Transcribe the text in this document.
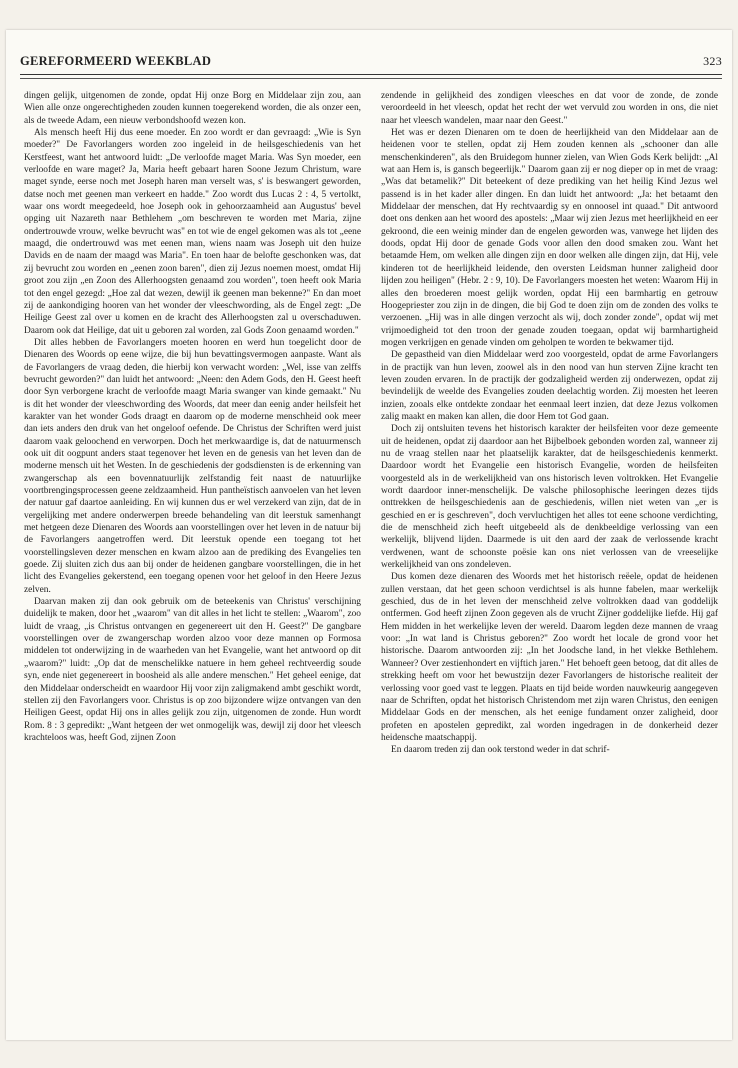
GEREFORMEERD WEEKBLAD	323

dingen gelijk, uitgenomen de zonde, opdat Hij onze Borg en Middelaar zijn zou, aan Wien alle onze ongerechtigheden zouden kunnen toegerekend worden, die als onzer een, als de tweede Adam, een nieuw verbondshoofd wezen kon.

Als mensch heeft Hij dus eene moeder. En zoo wordt er dan gevraagd: „Wie is Syn moeder?" De Favorlangers worden zoo ingeleid in de heilsgeschiedenis van het Kerstfeest, want het antwoord luidt: „De verloofde maget Maria. Was Syn moeder, een verloofde en ware maget? Ja, Maria heeft gebaart haren Soone Jezum Christum, ware maget synde, eerse noch met Joseph haren man verselt was, s' is beswangert geworden, datse noch met geenen man verkeert en hadde." Zoo wordt dus Lucas 2 : 4, 5 vertolkt, waar ons wordt meegedeeld, hoe Joseph ook in gehoorzaamheid aan Augustus' bevel opging uit Nazareth naar Bethlehem „om beschreven te worden met Maria, zijne ondertrouwde vrouw, welke bevrucht was" en tot wie de engel gekomen was als tot „eene maagd, die ondertrouwd was met eenen man, wiens naam was Joseph uit den huize Davids en de naam der maagd was Maria". En toen haar de belofte geschonken was, dat zij bevrucht zou worden en „eenen zoon baren", dien zij Jezus noemen moest, omdat Hij groot zou zijn „en Zoon des Allerhoogsten genaamd zou worden", toen heeft ook Maria tot den engel gezegd: „Hoe zal dat wezen, dewijl ik geenen man bekenne?" En dan moet zij de aankondiging hooren van het wonder der vleeschwording, als de Engel zegt: „De Heilige Geest zal over u komen en de kracht des Allerhoogsten zal u overschaduwen. Daarom ook dat Heilige, dat uit u geboren zal worden, zal Gods Zoon genaamd worden."

Dit alles hebben de Favorlangers moeten hooren en werd hun toegelicht door de Dienaren des Woords op eene wijze, die bij hun bevattingsvermogen aanpaste. Want als de Favorlangers de vraag deden, die hierbij kon verwacht worden: „Wel, isse van zelffs bevrucht geworden?" dan luidt het antwoord: „Neen: den Adem Gods, den H. Geest heeft door Syn verborgene kracht de verloofde maagt Maria swanger van kinde gemaakt." Nu is dit het wonder der vleeschwording des Woords, dat meer dan eenig ander heilsfeit het karakter van het wonder Gods draagt en daarom op de moderne menschheid ook meer dan iets anders den druk van het ongeloof oefende. De Christus der Schriften werd juist daarom vaak geloochend en verworpen. Doch het merkwaardige is, dat de natuurmensch ook uit dit oogpunt anders staat tegenover het leven en de genesis van het leven dan de moderne mensch uit het Westen. In de geschiedenis der godsdiensten is de erkenning van zwangerschap als een bovennatuurlijk zelfstandig feit naast de natuurlijke voortbrengingsprocessen geene zeldzaamheid. Hun pantheïstisch aanvoelen van het leven der natuur gaf daartoe aanleiding. En wij kunnen dus er wel verzekerd van zijn, dat de in vergelijking met andere onderwerpen breede behandeling van dit leerstuk samenhangt met hetgeen deze Dienaren des Woords aan voorstellingen over het leven in de natuur bij de Favorlangers aangetroffen werd. Dit leerstuk opende een toegang tot het voorstellingsleven dezer menschen en kwam alzoo aan de prediking des Evangelies ten goede. Zij sluiten zich dus aan bij onder de heidenen gangbare voorstellingen, die in het licht des Evangelies gekerstend, een toegang openen voor het geloof in den Heere Jezus zelven.

Daarvan maken zij dan ook gebruik om de beteekenis van Christus' verschijning duidelijk te maken, door het „waarom" van dit alles in het licht te stellen: „Waarom", zoo luidt de vraag, „is Christus ontvangen en gegenereert uit den H. Geest?" De gangbare voorstellingen over de zwangerschap worden alzoo voor deze mannen op Formosa middelen tot onderwijzing in de waarheden van het Evangelie, want het antwoord op dit „waarom?" luidt: „Op dat de menschelikke natuere in hem geheel rechtveerdig soude syn, ende niet gegenereert in boosheid als alle andere menschen." Het geheel eenige, dat den Middelaar onderscheidt en waardoor Hij voor zijn zaligmakend ambt geschikt wordt, stellen zij den Favorlangers voor. Christus is op zoo bijzondere wijze ontvangen van den Heiligen Geest, opdat Hij ons in alles gelijk zou zijn, uitgenomen de zonde. Hun wordt Rom. 8 : 3 gepredikt: „Want hetgeen der wet onmogelijk was, dewijl zij door het vleesch krachteloos was, heeft God, zijnen Zoon

zendende in gelijkheid des zondigen vleesches en dat voor de zonde, de zonde veroordeeld in het vleesch, opdat het recht der wet vervuld zou worden in ons, die niet naar het vleesch wandelen, maar naar den Geest."

Het was er dezen Dienaren om te doen de heerlijkheid van den Middelaar aan de heidenen voor te stellen, opdat zij Hem zouden kennen als „schooner dan alle menschenkinderen", als den Bruidegom hunner zielen, van Wien Gods Kerk belijdt: „Al wat aan Hem is, is gansch begeerlijk." Daarom gaan zij er nog dieper op in met de vraag: „Was dat betamelik?" Dit beteekent of deze prediking van het heilig Kind Jezus wel passend is in het kader aller dingen. En dan luidt het antwoord: „Ja: het betaamt den Middelaar der menschen, dat Hy rechtvaardig sy en onnoosel int quaad." Dit antwoord doet ons denken aan het woord des apostels: „Maar wij zien Jezus met heerlijkheid en eer gekroond, die een weinig minder dan de engelen geworden was, vanwege het lijden des doods, opdat Hij door de genade Gods voor allen den dood smaken zou. Want het betaamde Hem, om welken alle dingen zijn en door welken alle dingen zijn, dat Hij, vele kinderen tot de heerlijkheid leidende, den oversten Leidsman hunner zaligheid door lijden zou heiligen" (Hebr. 2 : 9, 10). De Favorlangers moesten het weten: Waarom Hij in alles den broederen moest gelijk worden, opdat Hij een barmhartig en getrouw Hoogepriester zou zijn in de dingen, die bij God te doen zijn om de zonden des volks te verzoenen. „Hij was in alle dingen verzocht als wij, doch zonder zonde", opdat wij met vrijmoedigheid tot den troon der genade zouden toegaan, opdat wij barmhartigheid mogen verkrijgen en genade vinden om geholpen te worden te bekwamer tijd.

De gepastheid van dien Middelaar werd zoo voorgesteld, opdat de arme Favorlangers in de practijk van hun leven, zoowel als in den nood van hun sterven Zijne kracht ten leven zouden ervaren. In de practijk der godzaligheid werden zij onderwezen, opdat zij bevindelijk de weelde des Evangelies zouden deelachtig worden. Zij moesten het leeren inzien, zooals elke ontdekte zondaar het eenmaal leert inzien, dat deze Jezus volkomen zalig maakt en maken kan allen, die door Hem tot God gaan.

Doch zij ontsluiten tevens het historisch karakter der heilsfeiten voor deze gemeente uit de heidenen, opdat zij daardoor aan het Bijbelboek gebonden worden zal, wanneer zij nu de vraag stellen naar het plaatselijk karakter, dat de heilsgeschiedenis kenmerkt. Daardoor wordt het Evangelie een historisch Evangelie, worden de heilsfeiten voorgesteld als in de werkelijkheid van ons historisch leven voltrokken. Het Evangelie wordt daardoor inner-menschelijk. De valsche philosophische leeringen dezes tijds onttrekken de heilsgeschiedenis aan de geschiedenis, willen niet weten van „er is geschied en er is geschreven", doch vervluchtigen het alles tot eene schoone verdichting, die de menschheid zich heeft uitgebeeld als de denkbeeldige verlossing van een werkelijk, blijvend lijden. Daarmede is uit den aard der zaak de verlossende kracht verdwenen, want de schoonste poësie kan ons niet verlossen van de vreeselijke werkelijkheid van ons zondeleven.

Dus komen deze dienaren des Woords met het historisch reëele, opdat de heidenen zullen verstaan, dat het geen schoon verdichtsel is als hunne fabelen, maar werkelijk geschied, dus de in het leven der menschheid zelve voltrokken daad van goddelijk ontfermen. God heeft zijnen Zoon gegeven als de vrucht Zijner goddelijke liefde. Hij gaf Hem midden in het werkelijke leven der wereld. Daarom legden deze mannen de vraag voor: „In wat land is Christus geboren?" Zoo wordt het locale de grond voor het historische. Daarom antwoorden zij: „In het Joodsche land, in het vlekke Bethlehem. Wanneer? Over zestienhondert en vijftich jaren." Het behoeft geen betoog, dat dit alles de strekking heeft om voor het bewustzijn dezer Favorlangers de historische realiteit der verlossing voor goed vast te leggen. Plaats en tijd beide worden nauwkeurig aangegeven naar de Schriften, opdat het historisch Christendom met zijn waren Christus, den eenigen Middelaar Gods en der menschen, als het eenige fundament onzer zaligheid, door profeten en apostelen gepredikt, zal worden ingedragen in de donkerheid dezer heidensche maatschappij.

En daarom treden zij dan ook terstond weder in dat schrif-
